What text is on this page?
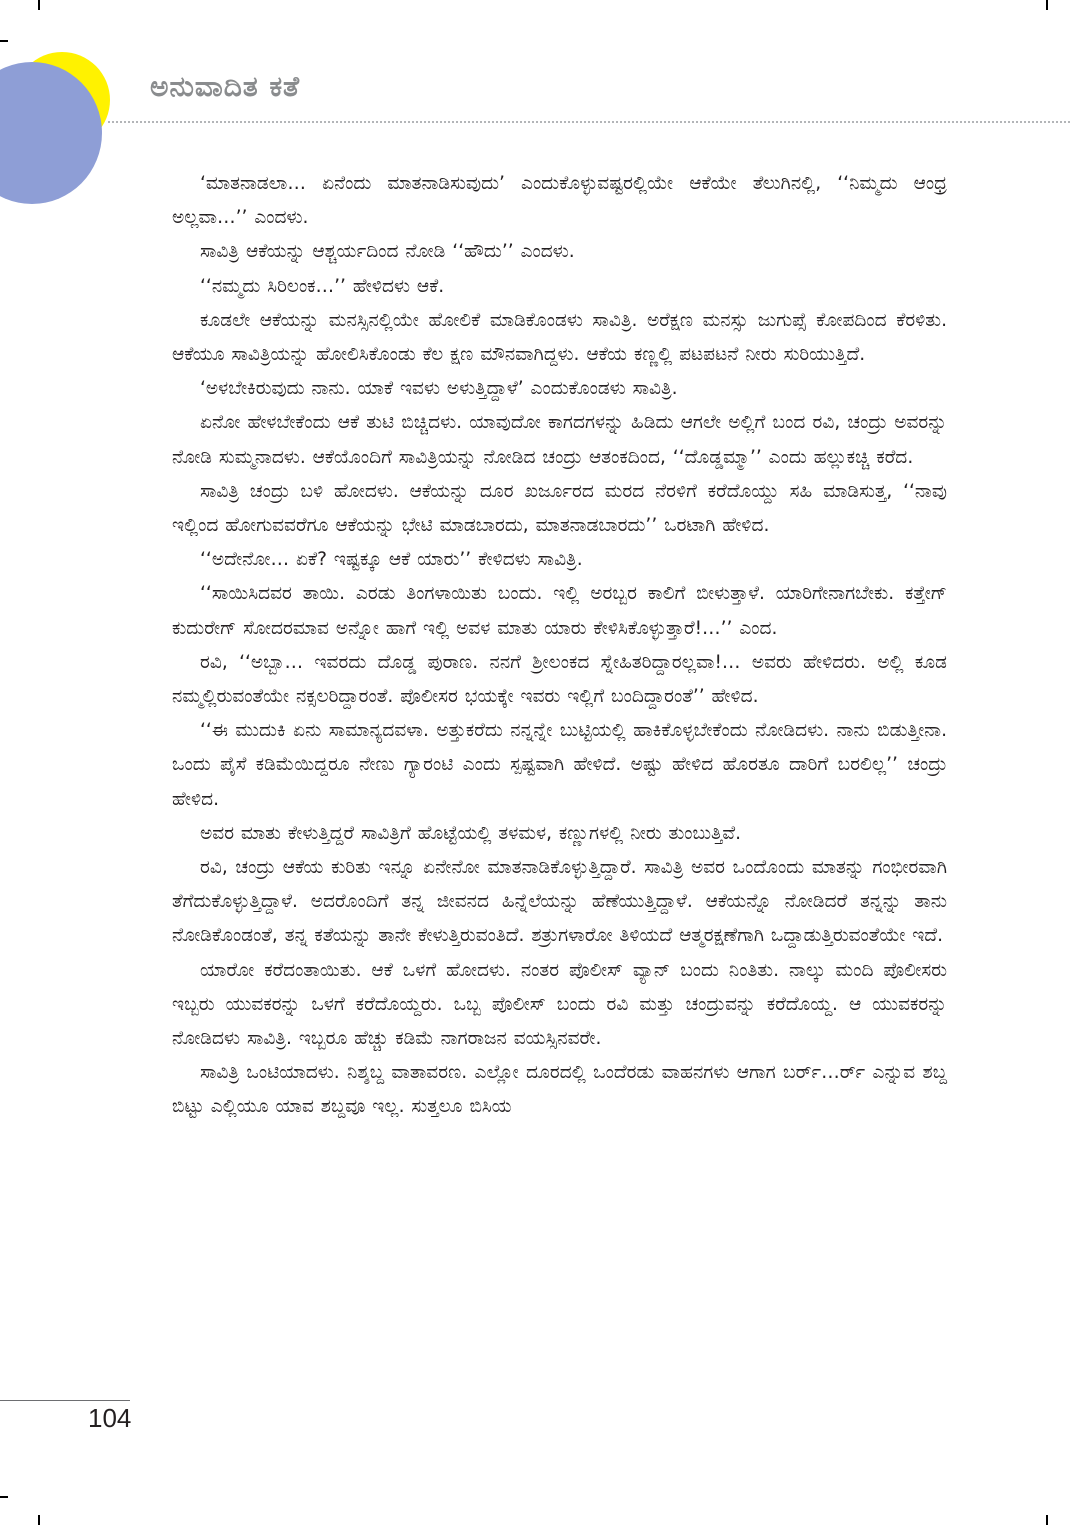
ಅನುವಾದಿತ ಕತೆ

‘ಮಾತನಾಡಲಾ… ಏನೆಂದು ಮಾತನಾಡಿಸುವುದು’ ಎಂದುಕೊಳ್ಳುವಷ್ಟರಲ್ಲಿಯೇ ಆಕೆಯೇ ತೆಲುಗಿನಲ್ಲಿ, ‘‘ನಿಮ್ಮದು ಆಂಧ್ರ ಅಲ್ಲವಾ…’’ ಎಂದಳು.

ಸಾವಿತ್ರಿ ಆಕೆಯನ್ನು ಆಶ್ಚರ್ಯದಿಂದ ನೋಡಿ ‘‘ಹೌದು’’ ಎಂದಳು.

‘‘ನಮ್ಮದು ಸಿರಿಲಂಕ…’’ ಹೇಳಿದಳು ಆಕೆ.

ಕೂಡಲೇ ಆಕೆಯನ್ನು ಮನಸ್ಸಿನಲ್ಲಿಯೇ ಹೋಲಿಕೆ ಮಾಡಿಕೊಂಡಳು ಸಾವಿತ್ರಿ. ಅರೆಕ್ಷಣ ಮನಸ್ಸು ಜುಗುಪ್ಸೆ ಕೋಪದಿಂದ ಕೆರಳಿತು. ಆಕೆಯೂ ಸಾವಿತ್ರಿಯನ್ನು ಹೋಲಿಸಿಕೊಂಡು ಕೆಲ ಕ್ಷಣ ಮೌನವಾಗಿದ್ದಳು. ಆಕೆಯ ಕಣ್ಣಲ್ಲಿ ಪಟಪಟನೆ ನೀರು ಸುರಿಯುತ್ತಿದೆ.

‘ಅಳಬೇಕಿರುವುದು ನಾನು. ಯಾಕೆ ಇವಳು ಅಳುತ್ತಿದ್ದಾಳೆ’ ಎಂದುಕೊಂಡಳು ಸಾವಿತ್ರಿ.

ಏನೋ ಹೇಳಬೇಕೆಂದು ಆಕೆ ತುಟಿ ಬಿಚ್ಚಿದಳು. ಯಾವುದೋ ಕಾಗದಗಳನ್ನು ಹಿಡಿದು ಆಗಲೇ ಅಲ್ಲಿಗೆ ಬಂದ ರವಿ, ಚಂದ್ರು ಅವರನ್ನು ನೋಡಿ ಸುಮ್ಮನಾದಳು. ಆಕೆಯೊಂದಿಗೆ ಸಾವಿತ್ರಿಯನ್ನು ನೋಡಿದ ಚಂದ್ರು ಆತಂಕದಿಂದ, ‘‘ದೊಡ್ಡಮ್ಮಾ’’ ಎಂದು ಹಲ್ಲುಕಚ್ಚಿ ಕರೆದ.

ಸಾವಿತ್ರಿ ಚಂದ್ರು ಬಳಿ ಹೋದಳು. ಆಕೆಯನ್ನು ದೂರ ಖರ್ಜೂರದ ಮರದ ನೆರಳಿಗೆ ಕರೆದೊಯ್ದು ಸಹಿ ಮಾಡಿಸುತ್ತ, ‘‘ನಾವು ಇಲ್ಲಿಂದ ಹೋಗುವವರೆಗೂ ಆಕೆಯನ್ನು ಭೇಟಿ ಮಾಡಬಾರದು, ಮಾತನಾಡಬಾರದು’’ ಒರಟಾಗಿ ಹೇಳಿದ.

‘‘ಅದೇನೋ… ಏಕೆ? ಇಷ್ಟಕ್ಕೂ ಆಕೆ ಯಾರು’’ ಕೇಳಿದಳು ಸಾವಿತ್ರಿ.

‘‘ಸಾಯಿಸಿದವರ ತಾಯಿ. ಎರಡು ತಿಂಗಳಾಯಿತು ಬಂದು. ಇಲ್ಲಿ ಅರಬ್ಬರ ಕಾಲಿಗೆ ಬೀಳುತ್ತಾಳೆ. ಯಾರಿಗೇನಾಗಬೇಕು. ಕತ್ತೇಗ್ ಕುದುರೇಗ್ ಸೋದರಮಾವ ಅನ್ನೋ ಹಾಗೆ ಇಲ್ಲಿ ಅವಳ ಮಾತು ಯಾರು ಕೇಳಿಸಿಕೊಳ್ಳುತ್ತಾರೆ!…’’ ಎಂದ.

ರವಿ, ‘‘ಅಬ್ಬಾ… ಇವರದು ದೊಡ್ಡ ಪುರಾಣ. ನನಗೆ ಶ್ರೀಲಂಕದ ಸ್ನೇಹಿತರಿದ್ದಾರಲ್ಲವಾ!… ಅವರು ಹೇಳಿದರು. ಅಲ್ಲಿ ಕೂಡ ನಮ್ಮಲ್ಲಿರುವಂತೆಯೇ ನಕ್ಸಲರಿದ್ದಾರಂತೆ. ಪೊಲೀಸರ ಭಯಕ್ಕೇ ಇವರು ಇಲ್ಲಿಗೆ ಬಂದಿದ್ದಾರಂತೆ’’ ಹೇಳಿದ.

‘‘ಈ ಮುದುಕಿ ಏನು ಸಾಮಾನ್ಯದವಳಾ. ಅತ್ತುಕರೆದು ನನ್ನನ್ನೇ ಬುಟ್ಟಿಯಲ್ಲಿ ಹಾಕಿಕೊಳ್ಳಬೇಕೆಂದು ನೋಡಿದಳು. ನಾನು ಬಿಡುತ್ತೀನಾ. ಒಂದು ಪೈಸೆ ಕಡಿಮೆಯಿದ್ದರೂ ನೇಣು ಗ್ಯಾರಂಟಿ ಎಂದು ಸ್ಪಷ್ಟವಾಗಿ ಹೇಳಿದೆ. ಅಷ್ಟು ಹೇಳಿದ ಹೊರತೂ ದಾರಿಗೆ ಬರಲಿಲ್ಲ’’ ಚಂದ್ರು ಹೇಳಿದ.

ಅವರ ಮಾತು ಕೇಳುತ್ತಿದ್ದರೆ ಸಾವಿತ್ರಿಗೆ ಹೊಟ್ಟೆಯಲ್ಲಿ ತಳಮಳ, ಕಣ್ಣುಗಳಲ್ಲಿ ನೀರು ತುಂಬುತ್ತಿವೆ.

ರವಿ, ಚಂದ್ರು ಆಕೆಯ ಕುರಿತು ಇನ್ನೂ ಏನೇನೋ ಮಾತನಾಡಿಕೊಳ್ಳುತ್ತಿದ್ದಾರೆ. ಸಾವಿತ್ರಿ ಅವರ ಒಂದೊಂದು ಮಾತನ್ನು ಗಂಭೀರವಾಗಿ ತೆಗೆದುಕೊಳ್ಳುತ್ತಿದ್ದಾಳೆ. ಅದರೊಂದಿಗೆ ತನ್ನ ಜೀವನದ ಹಿನ್ನೆಲೆಯನ್ನು ಹೆಣೆಯುತ್ತಿದ್ದಾಳೆ. ಆಕೆಯನ್ನೊ ನೋಡಿದರೆ ತನ್ನನ್ನು ತಾನು ನೋಡಿಕೊಂಡಂತೆ, ತನ್ನ ಕತೆಯನ್ನು ತಾನೇ ಕೇಳುತ್ತಿರುವಂತಿದೆ. ಶತ್ರುಗಳಾರೋ ತಿಳಿಯದೆ ಆತ್ಮರಕ್ಷಣೆಗಾಗಿ ಒದ್ದಾಡುತ್ತಿರುವಂತೆಯೇ ಇದೆ.

ಯಾರೋ ಕರೆದಂತಾಯಿತು. ಆಕೆ ಒಳಗೆ ಹೋದಳು. ನಂತರ ಪೊಲೀಸ್ ವ್ಯಾನ್ ಬಂದು ನಿಂತಿತು. ನಾಲ್ಕು ಮಂದಿ ಪೊಲೀಸರು ಇಬ್ಬರು ಯುವಕರನ್ನು ಒಳಗೆ ಕರೆದೊಯ್ದರು. ಒಬ್ಬ ಪೊಲೀಸ್ ಬಂದು ರವಿ ಮತ್ತು ಚಂದ್ರುವನ್ನು ಕರೆದೊಯ್ದ. ಆ ಯುವಕರನ್ನು ನೋಡಿದಳು ಸಾವಿತ್ರಿ. ಇಬ್ಬರೂ ಹೆಚ್ಚು ಕಡಿಮೆ ನಾಗರಾಜನ ವಯಸ್ಸಿನವರೇ.

ಸಾವಿತ್ರಿ ಒಂಟಿಯಾದಳು. ನಿಶ್ಶಬ್ದ ವಾತಾವರಣ. ಎಲ್ಲೋ ದೂರದಲ್ಲಿ ಒಂದೆರಡು ವಾಹನಗಳು ಆಗಾಗ ಬರ್ರ್…ರ್ರ್ ಎನ್ನುವ ಶಬ್ದ ಬಿಟ್ಟು ಎಲ್ಲಿಯೂ ಯಾವ ಶಬ್ದವೂ ಇಲ್ಲ. ಸುತ್ತಲೂ ಬಿಸಿಯ

104
